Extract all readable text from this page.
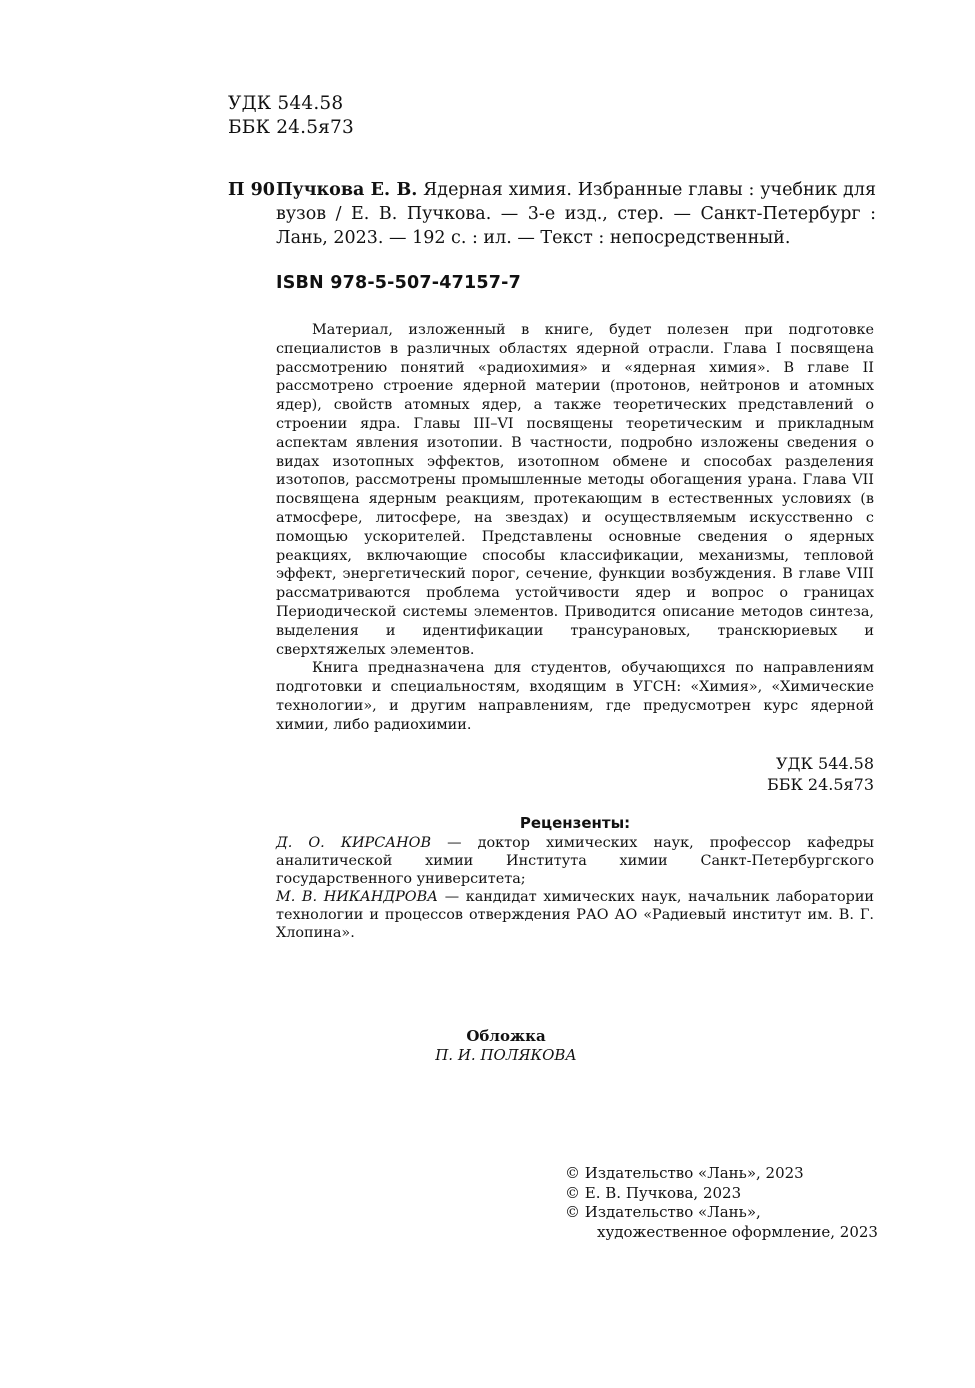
УДК 544.58
ББК 24.5я73
П 90 Пучкова Е. В. Ядерная химия. Избранные главы : учебник для вузов / Е. В. Пучкова. — 3-е изд., стер. — Санкт-Петербург : Лань, 2023. — 192 с. : ил. — Текст : непосредственный.
ISBN 978-5-507-47157-7

Материал, изложенный в книге, будет полезен при подготовке специалистов в различных областях ядерной отрасли. Глава I посвящена рассмотрению понятий «радиохимия» и «ядерная химия». В главе II рассмотрено строение ядерной материи (протонов, нейтронов и атомных ядер), свойств атомных ядер, а также теоретических представлений о строении ядра. Главы III–VI посвящены теоретическим и прикладным аспектам явления изотопии. В частности, подробно изложены сведения о видах изотопных эффектов, изотопном обмене и способах разделения изотопов, рассмотрены промышленные методы обогащения урана. Глава VII посвящена ядерным реакциям, протекающим в естественных условиях (в атмосфере, литосфере, на звездах) и осуществляемым искусственно с помощью ускорителей. Представлены основные сведения о ядерных реакциях, включающие способы классификации, механизмы, тепловой эффект, энергетический порог, сечение, функции возбуждения. В главе VIII рассматриваются проблема устойчивости ядер и вопрос о границах Периодической системы элементов. Приводится описание методов синтеза, выделения и идентификации трансурановых, транскюриевых и сверхтяжелых элементов.

Книга предназначена для студентов, обучающихся по направлениям подготовки и специальностям, входящим в УГСН: «Химия», «Химические технологии», и другим направлениям, где предусмотрен курс ядерной химии, либо радиохимии.

УДК 544.58
ББК 24.5я73
Рецензенты:

Д. О. КИРСАНОВ — доктор химических наук, профессор кафедры аналитической химии Института химии Санкт-Петербургского государственного университета;

М. В. НИКАНДРОВА — кандидат химических наук, начальник лаборатории технологии и процессов отверждения РАО АО «Радиевый институт им. В. Г. Хлопина».

Обложка
П. И. ПОЛЯКОВА
© Издательство «Лань», 2023
© Е. В. Пучкова, 2023
© Издательство «Лань»,
художественное оформление, 2023
